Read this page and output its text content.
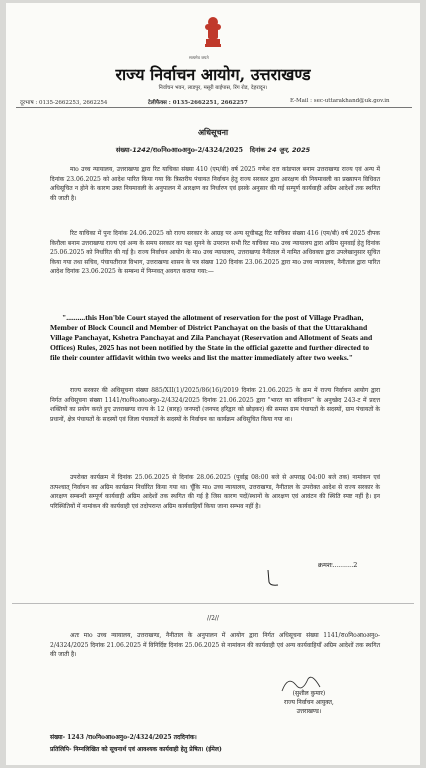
सत्यमेव जयते
राज्य निर्वाचन आयोग, उत्तराखण्ड
निर्वाचन भवन, लाडपुर, मसूरी बाईपास, रिंग रोड, देहरादून।
दूरभाष : 0135-2662253, 2662254	टेलीफैक्स : 0135-2662251, 2662257	E-Mail : sec-uttarakhand@uk.gov.in
अधिसूचना
संख्या-1242/राoनिoआoअनुo-2/4324/2025 दिनांक 24 जून, 2025
माo उच्च न्यायालय, उत्तराखण्ड द्वारा रिट याचिका संख्या 410 (एम/बी) वर्ष 2025 गणेश दत्त कांडपाल बनाम उत्तराखण्ड राज्य एवं अन्य में दिनांक 23.06.2025 को आदेश पारित किया गया कि त्रिस्तरीय पंचायत निर्वाचन हेतु राज्य सरकार द्वारा आरक्षण की नियमावली का प्रख्यापन विधिवत अधिसूचित न होने के कारण उक्त नियमावली के अनुपालन में आरक्षण का निर्धारण एवं इसके अनुसार की गई सम्पूर्ण कार्यवाही अग्रिम आदेशों तक स्थगित की जाती है।
रिट याचिका में पुनः दिनांक 24.06.2025 को राज्य सरकार के आग्रह पर अन्य सूचीबद्ध रिट याचिका संख्या 416 (एम/बी) वर्ष 2025 दीपक किरौला बनाम उत्तराखण्ड राज्य एवं अन्य के समय सरकार का पक्ष सुनने के उपरान्त सभी रिट याचिका माo उच्च न्यायालय द्वारा अग्रिम सुनवाई हेतु दिनांक 25.06.2025 को निर्धारित की गई है। राज्य निर्वाचन आयोग के माo उच्च न्यायालय, उत्तराखण्ड नैनीताल में नामित अधिवक्ता द्वारा उपलेखानुसार सूचित किया गया तथा सचिव, पंचायतीराज विभाग, उत्तराखण्ड शासन के पत्र संख्या 120 दिनांक 23.06.2025 द्वारा माo उच्च न्यायालय, नैनीताल द्वारा पारित आदेश दिनांक 23.06.2025 के सम्बन्ध में निम्नवत् अवगत कराया गया:—
"..........this Hon'ble Court stayed the allotment of reservation for the post of Village Pradhan, Member of Block Council and Member of District Panchayat on the basis of that the Uttarakhand Village Panchayat, Kshetra Panchayat and Zila Panchayat (Reservation and Allotment of Seats and Offices) Rules, 2025 has not been notified by the State in the official gazette and further directed to file their counter affidavit within two weeks and list the matter immediately after two weeks."
राज्य सरकार की अधिसूचना संख्या 885/XII(1)/2025/86(16)/2019 दिनांक 21.06.2025 के क्रम में राज्य निर्वाचन आयोग द्वारा निर्गत अधिसूचना संख्या 1141/राoनिoआoअनुo-2/4324/2025 दिनांक 21.06.2025 द्वारा "भारत का संविधान" के अनुच्छेद 243-ट में प्रदत्त शक्तियों का प्रयोग करते हुए उत्तराखण्ड राज्य के 12 (बारह) जनपदों (जनपद हरिद्वार को छोड़कर) की समस्त ग्राम पंचायतों के सदस्यों, ग्राम पंचायतों के प्रधानों, क्षेत्र पंचायतों के सदस्यों एवं जिला पंचायतों के सदस्यों के निर्वाचन का कार्यक्रम अधिसूचित किया गया था।
उपरोक्त कार्यक्रम में दिनांक 25.06.2025 से दिनांक 28.06.2025 (पूर्वाह्न 08:00 बजे से अपराह्न 04:00 बजे तक) नामांकन एवं तत्पश्चात् निर्वाचन का अग्रिम कार्यक्रम निर्धारित किया गया था। चूँकि माo उच्च न्यायालय, उत्तराखण्ड, नैनीताल के उपरोक्त आदेश से राज्य सरकार के आरक्षण सम्बन्धी सम्पूर्ण कार्यवाही अग्रिम आदेशों तक स्थगित की गई है जिस कारण पदों/स्थानों के आरक्षण एवं आवंटन की स्थिति स्पष्ट नहीं है। इन परिस्थितियों में नामांकन की कार्यवाही एवं तदोपरान्त अग्रिम कार्यवाहियाँ किया जाना सम्भव नहीं है।
क्रमशः..........2
//2//
अतः माo उच्च न्यायालय, उत्तराखण्ड, नैनीताल के अनुपालन में आयोग द्वारा निर्गत अधिसूचना संख्या 1141/राoनिoआoअनुo-2/4324/2025 दिनांक 21.06.2025 में विनिर्दिष्ट दिनांक 25.06.2025 से नामांकन की कार्यवाही एवं अन्य कार्यवाहियाँ अग्रिम आदेशों तक स्थगित की जाती है।
(सुशील कुमार)
राज्य निर्वाचन आयुक्त,
उत्तराखण्ड।
संख्या- 1243 /राoनिoआoअनुo-2/4324/2025 तददिनांक।
प्रतिलिपि- निम्नलिखित को सूचनार्थ एवं आवश्यक कार्यवाही हेतु प्रेषित। (ईमेल)
